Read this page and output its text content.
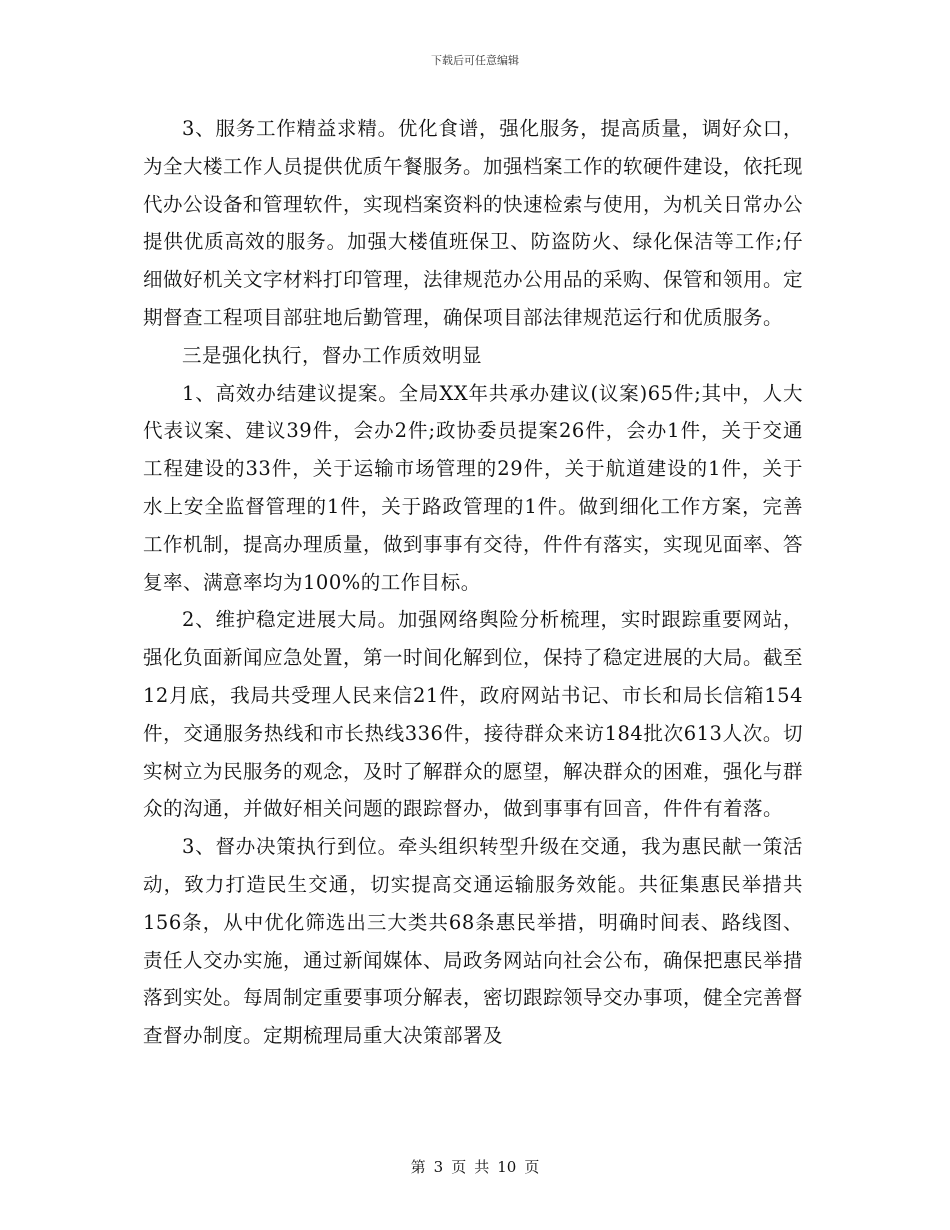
下载后可任意编辑

3、服务工作精益求精。优化食谱，强化服务，提高质量，调好众口，为全大楼工作人员提供优质午餐服务。加强档案工作的软硬件建设，依托现代办公设备和管理软件，实现档案资料的快速检索与使用，为机关日常办公提供优质高效的服务。加强大楼值班保卫、防盗防火、绿化保洁等工作;仔细做好机关文字材料打印管理，法律规范办公用品的采购、保管和领用。定期督查工程项目部驻地后勤管理，确保项目部法律规范运行和优质服务。

三是强化执行，督办工作质效明显

1、高效办结建议提案。全局XX年共承办建议(议案)65件;其中，人大代表议案、建议39件，会办2件;政协委员提案26件，会办1件，关于交通工程建设的33件，关于运输市场管理的29件，关于航道建设的1件，关于水上安全监督管理的1件，关于路政管理的1件。做到细化工作方案，完善工作机制，提高办理质量，做到事事有交待，件件有落实，实现见面率、答复率、满意率均为100%的工作目标。

2、维护稳定进展大局。加强网络舆险分析梳理，实时跟踪重要网站，强化负面新闻应急处置，第一时间化解到位，保持了稳定进展的大局。截至12月底，我局共受理人民来信21件，政府网站书记、市长和局长信箱154件，交通服务热线和市长热线336件，接待群众来访184批次613人次。切实树立为民服务的观念，及时了解群众的愿望，解决群众的困难，强化与群众的沟通，并做好相关问题的跟踪督办，做到事事有回音，件件有着落。

3、督办决策执行到位。牵头组织转型升级在交通，我为惠民献一策活动，致力打造民生交通，切实提高交通运输服务效能。共征集惠民举措共156条，从中优化筛选出三大类共68条惠民举措，明确时间表、路线图、责任人交办实施，通过新闻媒体、局政务网站向社会公布，确保把惠民举措落到实处。每周制定重要事项分解表，密切跟踪领导交办事项，健全完善督查督办制度。定期梳理局重大决策部署及

第 3 页 共 10 页
